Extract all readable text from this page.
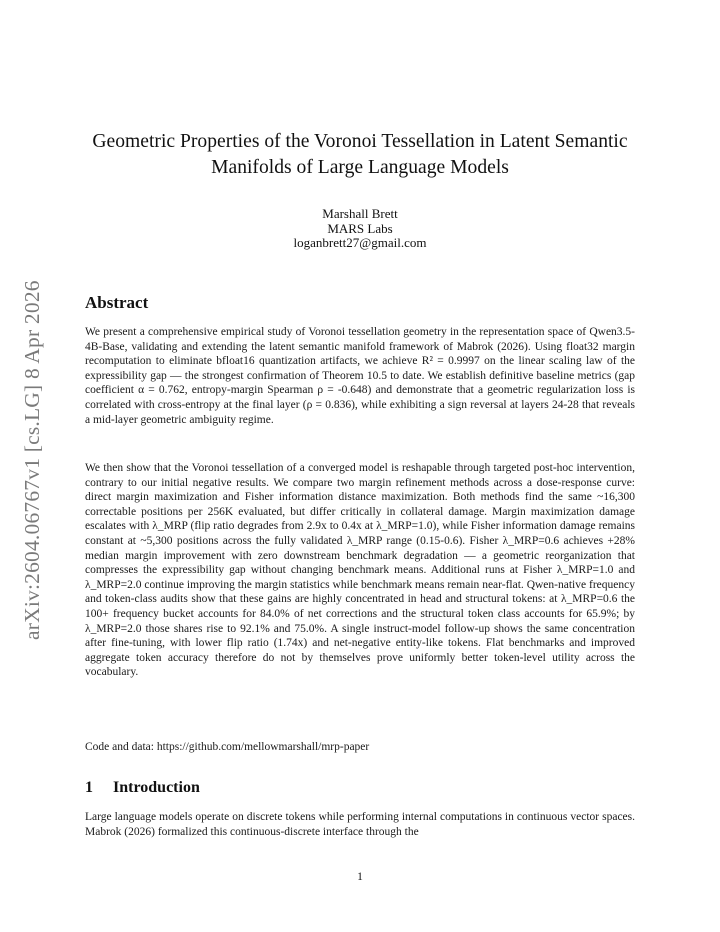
arXiv:2604.06767v1 [cs.LG] 8 Apr 2026
Geometric Properties of the Voronoi Tessellation in Latent Semantic Manifolds of Large Language Models
Marshall Brett
MARS Labs
loganbrett27@gmail.com
Abstract

We present a comprehensive empirical study of Voronoi tessellation geometry in the representation space of Qwen3.5-4B-Base, validating and extending the latent semantic manifold framework of Mabrok (2026). Using float32 margin recomputation to eliminate bfloat16 quantization artifacts, we achieve R² = 0.9997 on the linear scaling law of the expressibility gap — the strongest confirmation of Theorem 10.5 to date. We establish definitive baseline metrics (gap coefficient α = 0.762, entropy-margin Spearman ρ = -0.648) and demonstrate that a geometric regularization loss is correlated with cross-entropy at the final layer (ρ = 0.836), while exhibiting a sign reversal at layers 24-28 that reveals a mid-layer geometric ambiguity regime.

We then show that the Voronoi tessellation of a converged model is reshapable through targeted post-hoc intervention, contrary to our initial negative results. We compare two margin refinement methods across a dose-response curve: direct margin maximization and Fisher information distance maximization. Both methods find the same ~16,300 correctable positions per 256K evaluated, but differ critically in collateral damage. Margin maximization damage escalates with λ_MRP (flip ratio degrades from 2.9x to 0.4x at λ_MRP=1.0), while Fisher information damage remains constant at ~5,300 positions across the fully validated λ_MRP range (0.15-0.6). Fisher λ_MRP=0.6 achieves +28% median margin improvement with zero downstream benchmark degradation — a geometric reorganization that compresses the expressibility gap without changing benchmark means. Additional runs at Fisher λ_MRP=1.0 and λ_MRP=2.0 continue improving the margin statistics while benchmark means remain near-flat. Qwen-native frequency and token-class audits show that these gains are highly concentrated in head and structural tokens: at λ_MRP=0.6 the 100+ frequency bucket accounts for 84.0% of net corrections and the structural token class accounts for 65.9%; by λ_MRP=2.0 those shares rise to 92.1% and 75.0%. A single instruct-model follow-up shows the same concentration after fine-tuning, with lower flip ratio (1.74x) and net-negative entity-like tokens. Flat benchmarks and improved aggregate token accuracy therefore do not by themselves prove uniformly better token-level utility across the vocabulary.

Code and data: https://github.com/mellowmarshall/mrp-paper

1 Introduction

Large language models operate on discrete tokens while performing internal computations in continuous vector spaces. Mabrok (2026) formalized this continuous-discrete interface through the

1
